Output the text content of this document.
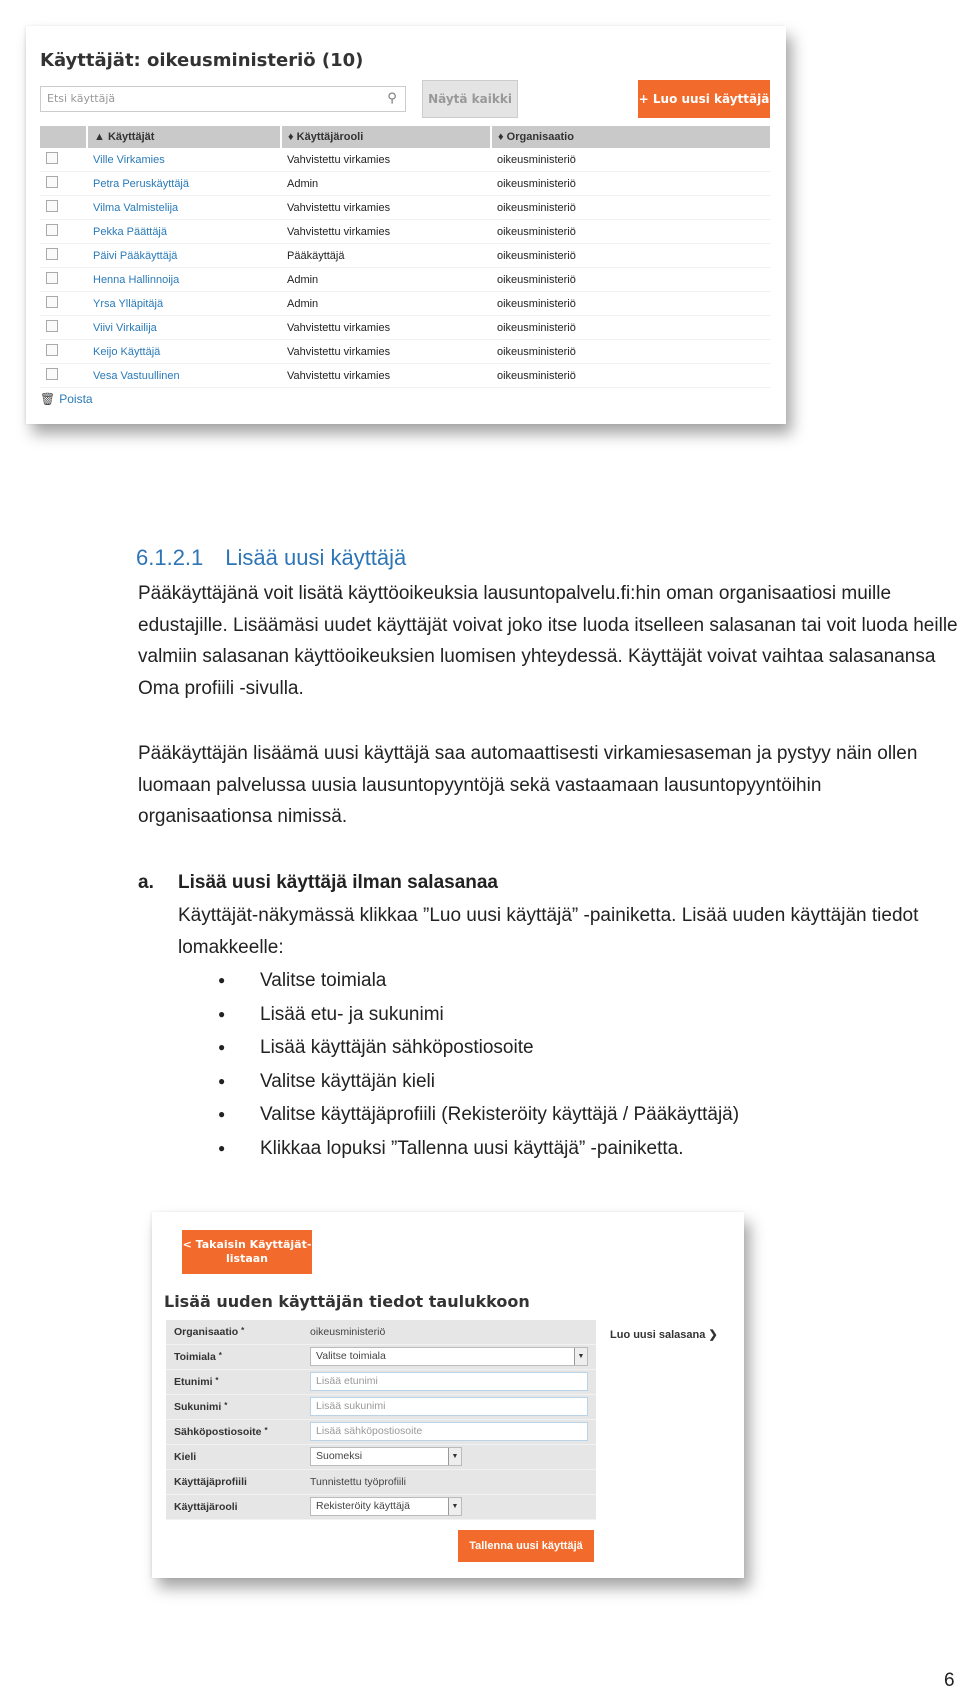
Käyttäjät: oikeusministeriö (10)
Etsi käyttäjä	⚲	Näytä kaikki	+ Luo uusi käyttäjä
	▲ Käyttäjät	♦ Käyttäjärooli	♦ Organisaatio
	Ville Virkamies	Vahvistettu virkamies	oikeusministeriö
	Petra Peruskäyttäjä	Admin	oikeusministeriö
	Vilma Valmistelija	Vahvistettu virkamies	oikeusministeriö
	Pekka Päättäjä	Vahvistettu virkamies	oikeusministeriö
	Päivi Pääkäyttäjä	Pääkäyttäjä	oikeusministeriö
	Henna Hallinnoija	Admin	oikeusministeriö
	Yrsa Ylläpitäjä	Admin	oikeusministeriö
	Viivi Virkailija	Vahvistettu virkamies	oikeusministeriö
	Keijo Käyttäjä	Vahvistettu virkamies	oikeusministeriö
	Vesa Vastuullinen	Vahvistettu virkamies	oikeusministeriö
🗑 Poista
6.1.2.1 Lisää uusi käyttäjä
Pääkäyttäjänä voit lisätä käyttöoikeuksia lausuntopalvelu.fi:hin oman organisaatiosi muille edustajille. Lisäämäsi uudet käyttäjät voivat joko itse luoda itselleen salasanan tai voit luoda heille valmiin salasanan käyttöoikeuksien luomisen yhteydessä. Käyttäjät voivat vaihtaa salasanansa Oma profiili -sivulla.
Pääkäyttäjän lisäämä uusi käyttäjä saa automaattisesti virkamiesaseman ja pystyy näin ollen luomaan palvelussa uusia lausuntopyyntöjä sekä vastaamaan lausuntopyyntöihin organisaationsa nimissä.
a. Lisää uusi käyttäjä ilman salasanaa
Käyttäjät-näkymässä klikkaa ”Luo uusi käyttäjä” -painiketta. Lisää uuden käyttäjän tiedot lomakkeelle:
● Valitse toimiala
● Lisää etu- ja sukunimi
● Lisää käyttäjän sähköpostiosoite
● Valitse käyttäjän kieli
● Valitse käyttäjäprofiili (Rekisteröity käyttäjä / Pääkäyttäjä)
● Klikkaa lopuksi ”Tallenna uusi käyttäjä” -painiketta.
< Takaisin Käyttäjät-listaan
Lisää uuden käyttäjän tiedot taulukkoon
Organisaatio *	oikeusministeriö
Toimiala *	Valitse toimiala	▼
Etunimi *	Lisää etunimi
Sukunimi *	Lisää sukunimi
Sähköpostiosoite *	Lisää sähköpostiosoite
Kieli	Suomeksi	▼
Käyttäjäprofiili	Tunnistettu työprofiili
Käyttäjärooli	Rekisteröity käyttäjä	▼
Luo uusi salasana ❯
Tallenna uusi käyttäjä
6
